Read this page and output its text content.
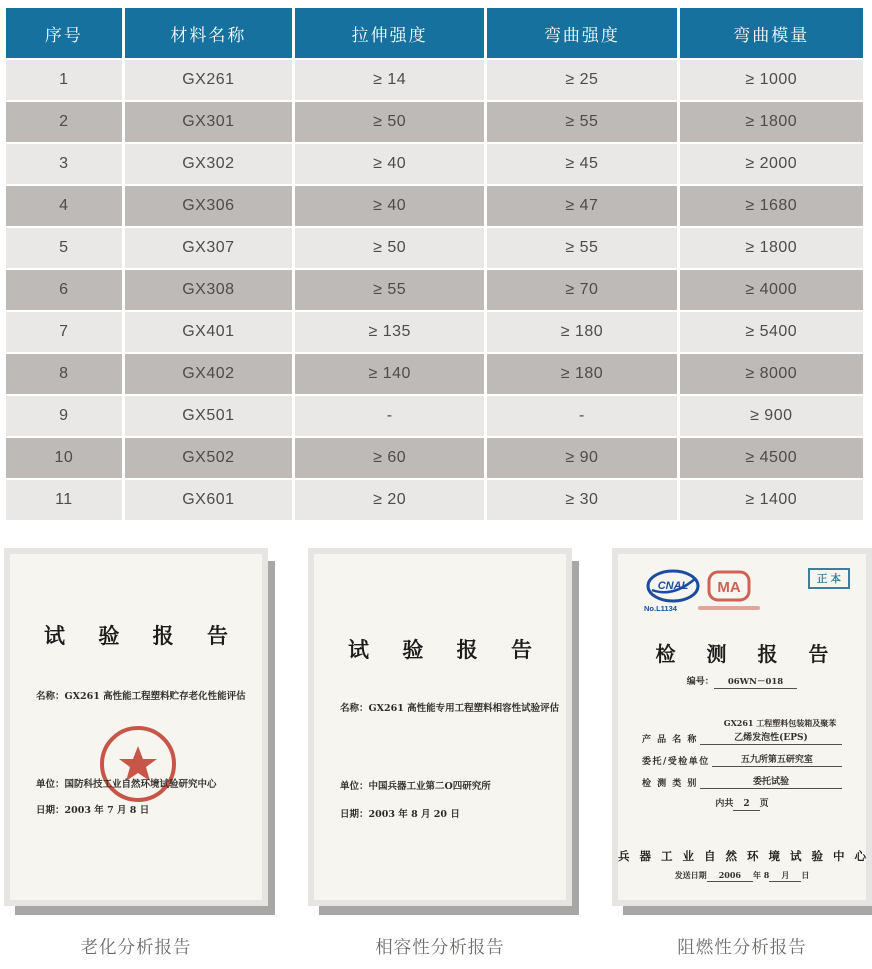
序号	材料名称	拉伸强度	弯曲强度	弯曲模量
1	GX261	≥ 14	≥ 25	≥ 1000
2	GX301	≥ 50	≥ 55	≥ 1800
3	GX302	≥ 40	≥ 45	≥ 2000
4	GX306	≥ 40	≥ 47	≥ 1680
5	GX307	≥ 50	≥ 55	≥ 1800
6	GX308	≥ 55	≥ 70	≥ 4000
7	GX401	≥ 135	≥ 180	≥ 5400
8	GX402	≥ 140	≥ 180	≥ 8000
9	GX501	-	-	≥ 900
10	GX502	≥ 60	≥ 90	≥ 4500
11	GX601	≥ 20	≥ 30	≥ 1400
试 验 报 告
名称：GX261 高性能工程塑料贮存老化性能评估
单位：国防科技工业自然环境试验研究中心
日期：2003 年 7 月 8 日
试 验 报 告
名称：GX261 高性能专用工程塑料相容性试验评估
单位：中国兵器工业第二O四研究所
日期：2003 年 8 月 20 日
CNAL
No.L1134
MA	正本
检 测 报 告
编号： 06WN－018
GX261 工程塑料包装箱及聚苯
产 品 名 称	乙烯发泡性(EPS)
委托/受检单位	五九所第五研究室
检 测 类 别	委托试验
内共 2 页
兵 器 工 业 自 然 环 境 试 验 中 心
发送日期 2006 年 8 月 日
老化分析报告	相容性分析报告	阻燃性分析报告
